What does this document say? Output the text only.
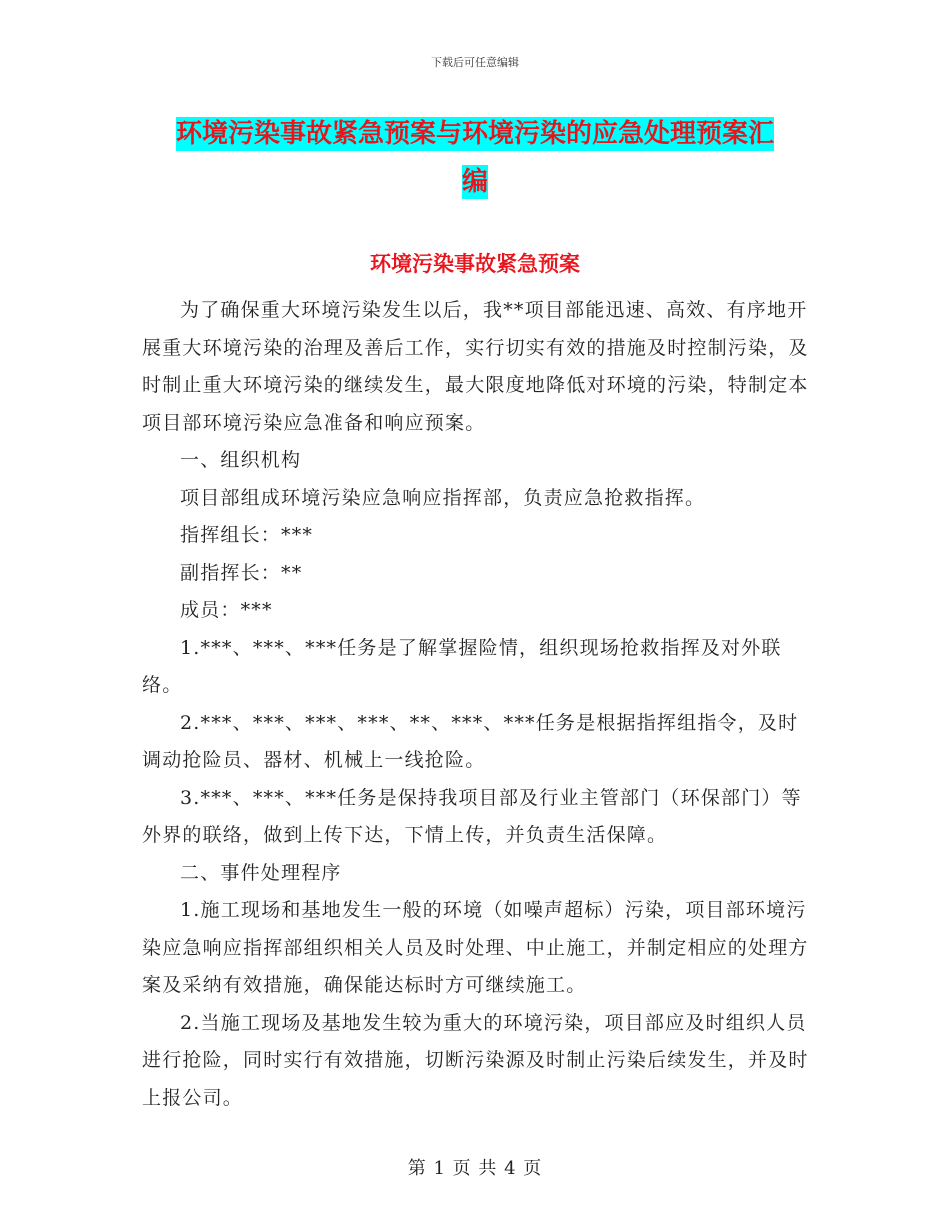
下载后可任意编辑
环境污染事故紧急预案与环境污染的应急处理预案汇
编
环境污染事故紧急预案

为了确保重大环境污染发生以后，我**项目部能迅速、高效、有序地开展重大环境污染的治理及善后工作，实行切实有效的措施及时控制污染，及时制止重大环境污染的继续发生，最大限度地降低对环境的污染，特制定本项目部环境污染应急准备和响应预案。

一、组织机构

项目部组成环境污染应急响应指挥部，负责应急抢救指挥。

指挥组长：***

副指挥长：**

成员：***

1.***、***、***任务是了解掌握险情，组织现场抢救指挥及对外联络。

2.***、***、***、***、**、***、***任务是根据指挥组指令，及时调动抢险员、器材、机械上一线抢险。

3.***、***、***任务是保持我项目部及行业主管部门（环保部门）等外界的联络，做到上传下达，下情上传，并负责生活保障。

二、事件处理程序

1.施工现场和基地发生一般的环境（如噪声超标）污染，项目部环境污染应急响应指挥部组织相关人员及时处理、中止施工，并制定相应的处理方案及采纳有效措施，确保能达标时方可继续施工。

2.当施工现场及基地发生较为重大的环境污染，项目部应及时组织人员进行抢险，同时实行有效措施，切断污染源及时制止污染后续发生，并及时上报公司。

第 1 页 共 4 页
